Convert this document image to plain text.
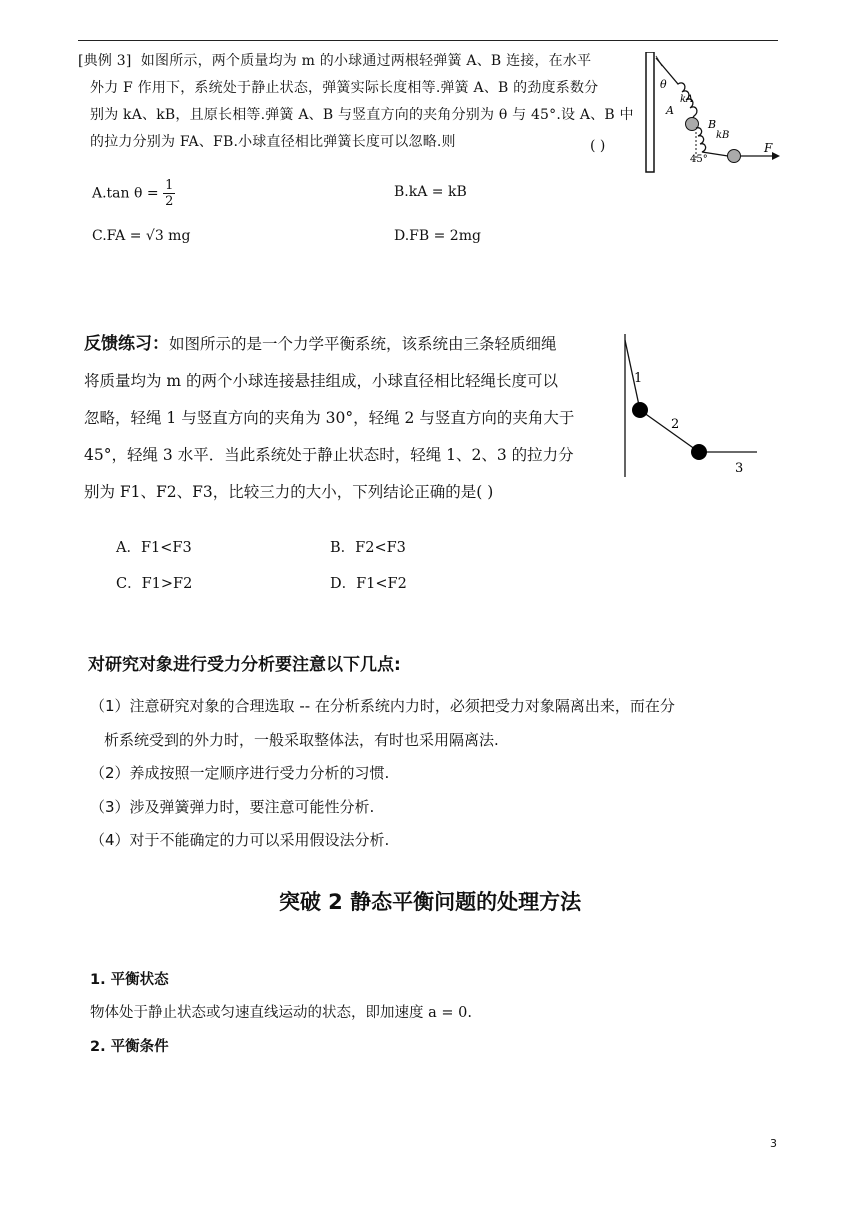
[典例 3] 如图所示，两个质量均为 m 的小球通过两根轻弹簧 A、B 连接，在水平

外力 F 作用下，系统处于静止状态，弹簧实际长度相等.弹簧 A、B 的劲度系数分

别为 kA、kB，且原长相等.弹簧 A、B 与竖直方向的夹角分别为 θ 与 45°.设 A、B 中

的拉力分别为 FA、FB.小球直径相比弹簧长度可以忽略.则	( )
A.tan $\theta = \frac{1}{2}$	B.kA = kB
C.FA = √3 mg	D.FB = 2mg
θ
kA
A
B
kB
45°
F

反馈练习：如图所示的是一个力学平衡系统，该系统由三条轻质细绳

将质量均为 m 的两个小球连接悬挂组成，小球直径相比轻绳长度可以

忽略，轻绳 1 与竖直方向的夹角为 30°，轻绳 2 与竖直方向的夹角大于

45°，轻绳 3 水平．当此系统处于静止状态时，轻绳 1、2、3 的拉力分

别为 F1、F2、F3，比较三力的大小，下列结论正确的是( )

1
2
3
A．F1<F3	B．F2<F3
C．F1>F2	D．F1<F2
对研究对象进行受力分析要注意以下几点:

（1）注意研究对象的合理选取 -- 在分析系统内力时，必须把受力对象隔离出来，而在分

析系统受到的外力时，一般采取整体法，有时也采用隔离法.

（2）养成按照一定顺序进行受力分析的习惯.

（3）涉及弹簧弹力时，要注意可能性分析.

（4）对于不能确定的力可以采用假设法分析.

突破 2 静态平衡问题的处理方法
1. 平衡状态
物体处于静止状态或匀速直线运动的状态，即加速度 a = 0.
2. 平衡条件
3
